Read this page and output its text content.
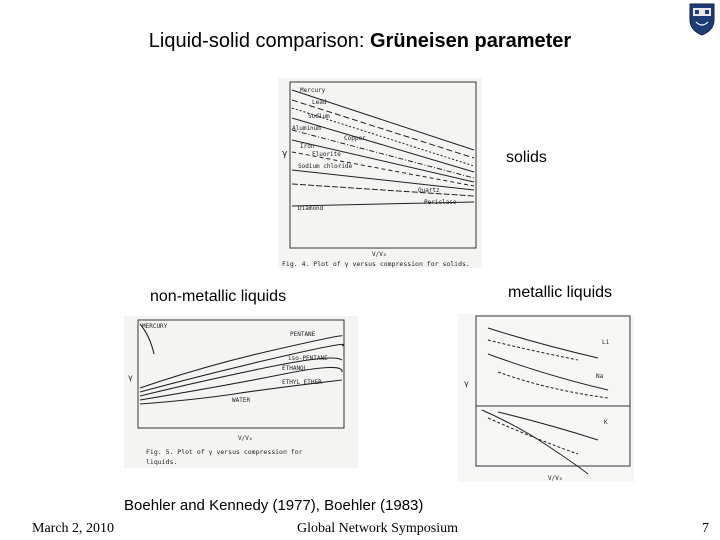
Liquid-solid comparison: Grüneisen parameter
Mercury
Lead
Sodium
Aluminum
Copper
γ
Iron
Fluorite
Sodium chloride
Quartz
Periclase
Diamond
V/V₀
Fig. 4. Plot of γ versus compression for solids.
solids
non-metallic liquids	metallic liquids
MERCURY
PENTANE
iso-PENTANE
ETHANOL
ETHYL ETHER
WATER
γ
V/V₀
Fig. 5. Plot of γ versus compression for
liquids.
Li
Na
K
γ
V/V₀
Boehler and Kennedy (1977), Boehler (1983)
March 2, 2010	Global Network Symposium	7
